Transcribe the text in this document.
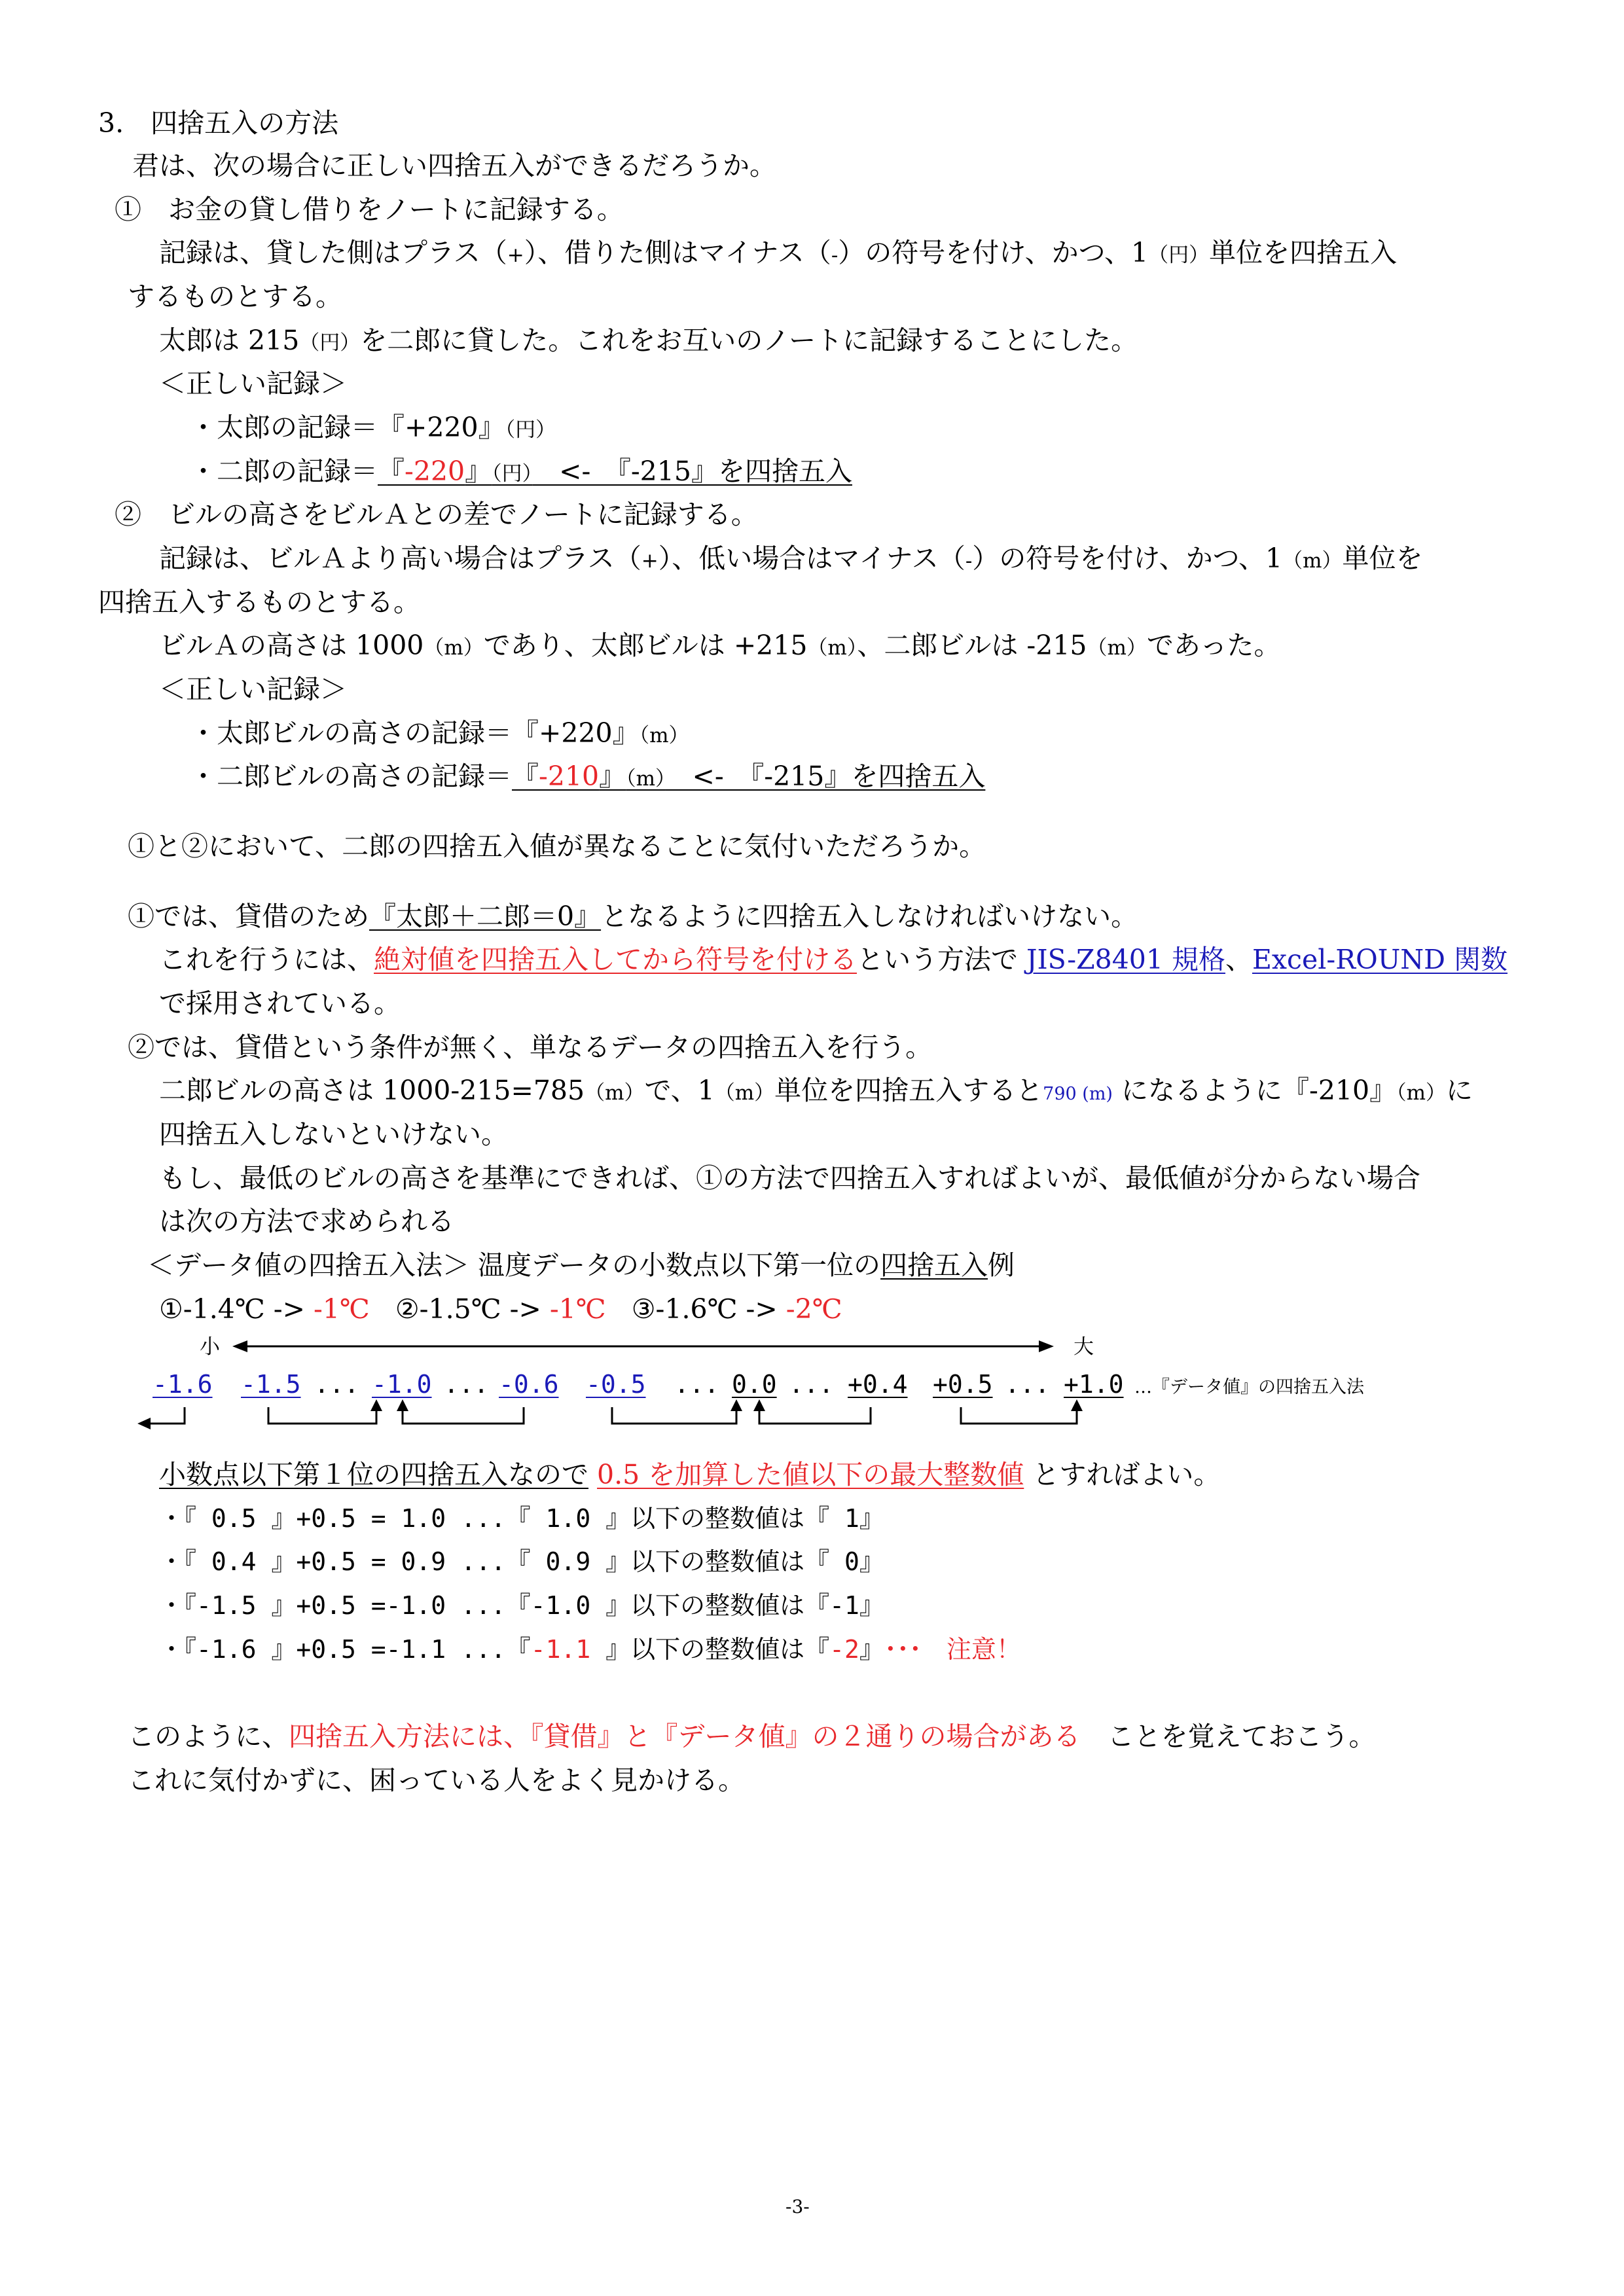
3.　四捨五入の方法
君は、次の場合に正しい四捨五入ができるだろうか。
①　お金の貸し借りをノートに記録する。
記録は、貸した側はプラス（+）、借りた側はマイナス（-）の符号を付け、かつ、1（円）単位を四捨五入
するものとする。
太郎は 215（円）を二郎に貸した。これをお互いのノートに記録することにした。
＜正しい記録＞
・太郎の記録＝『+220』（円）
・二郎の記録＝『-220』（円）　<-　『-215』を四捨五入
②　ビルの高さをビルＡとの差でノートに記録する。
記録は、ビルＡより高い場合はプラス（+）、低い場合はマイナス（-）の符号を付け、かつ、1（m）単位を
四捨五入するものとする。
ビルＡの高さは 1000（m）であり、太郎ビルは +215（m）、二郎ビルは -215（m）であった。
＜正しい記録＞
・太郎ビルの高さの記録＝『+220』（m）
・二郎ビルの高さの記録＝『-210』（m）　<-　『-215』を四捨五入
①と②において、二郎の四捨五入値が異なることに気付いただろうか。
①では、貸借のため『太郎＋二郎＝0』となるように四捨五入しなければいけない。
これを行うには、絶対値を四捨五入してから符号を付けるという方法で JIS-Z8401 規格、Excel-ROUND 関数
で採用されている。
②では、貸借という条件が無く、単なるデータの四捨五入を行う。
二郎ビルの高さは 1000-215=785（m）で、1（m）単位を四捨五入すると790 (m) になるように『-210』（m）に
四捨五入しないといけない。
もし、最低のビルの高さを基準にできれば、①の方法で四捨五入すればよいが、最低値が分からない場合
は次の方法で求められる
＜データ値の四捨五入法＞ 温度データの小数点以下第一位の四捨五入例
①-1.4℃ -> -1℃ ②-1.5℃ -> -1℃ ③-1.6℃ -> -2℃
小	大
-1.6 -1.5 ... -1.0 ... -0.6 -0.5 ... 0.0 ... +0.4 +0.5 ... +1.0 …『データ値』の四捨五入法
小数点以下第１位の四捨五入なので 0.5 を加算した値以下の最大整数値 とすればよい。
・『 0.5 』+0.5 = 1.0 ...『 1.0 』以下の整数値は『 1』
・『 0.4 』+0.5 = 0.9 ...『 0.9 』以下の整数値は『 0』
・『-1.5 』+0.5 =-1.0 ...『-1.0 』以下の整数値は『-1』
・『-1.6 』+0.5 =-1.1 ...『-1.1 』以下の整数値は『-2』･･･　注意！
このように、四捨五入方法には、『貸借』と『データ値』の２通りの場合がある　ことを覚えておこう。
これに気付かずに、困っている人をよく見かける。
-3-
